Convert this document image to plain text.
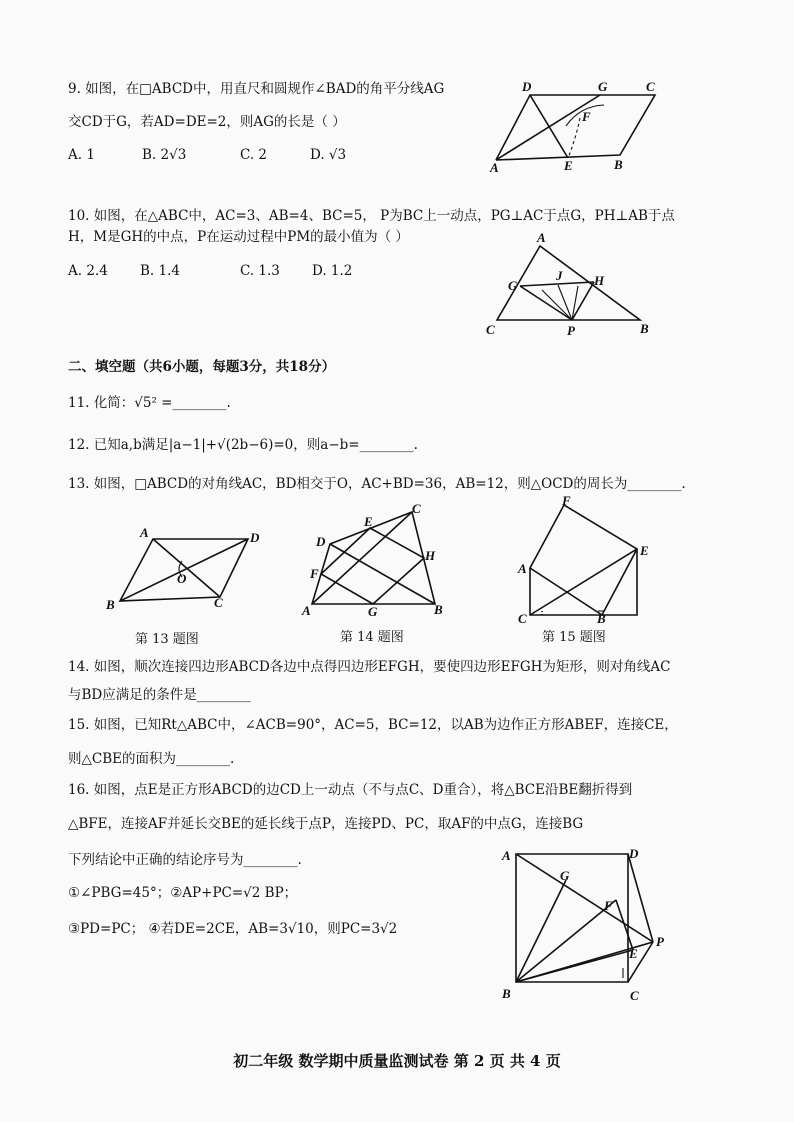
9. 如图，在□ABCD中，用直尺和圆规作∠BAD的角平分线AG
交CD于G，若AD=DE=2，则AG的长是（ ）
A. 1	B. 2√3	C. 2	D. √3
D	G	C
F
A	E	B
10. 如图，在△ABC中，AC=3、AB=4、BC=5， P为BC上一动点，PG⊥AC于点G，PH⊥AB于点
H，M是GH的中点，P在运动过程中PM的最小值为（ ）
A. 2.4 B. 1.4	C. 1.3 D. 1.2
A
G
J H
C	P	B
二、填空题（共6小题，每题3分，共18分）
11. 化简：√5² =________.
12. 已知a,b满足|a−1|+√(2b−6)=0，则a−b=________.
13. 如图，□ABCD的对角线AC，BD相交于O，AC+BD=36，AB=12，则△OCD的周长为________.
A	D
O
B	C
第 13 题图
E
C
D
H
F
A	G	B
第 14 题图
F
E
A
C	B
第 15 题图
14. 如图，顺次连接四边形ABCD各边中点得四边形EFGH，要使四边形EFGH为矩形，则对角线AC
与BD应满足的条件是________
15. 如图，已知Rt△ABC中，∠ACB=90°，AC=5，BC=12，以AB为边作正方形ABEF，连接CE，
则△CBE的面积为________.
16. 如图，点E是正方形ABCD的边CD上一动点（不与点C、D重合），将△BCE沿BE翻折得到
△BFE，连接AF并延长交BE的延长线于点P，连接PD、PC，取AF的中点G，连接BG
下列结论中正确的结论序号为________.
①∠PBG=45°；②AP+PC=√2 BP；
③PD=PC； ④若DE=2CE，AB=3√10，则PC=3√2
A	D
G
F
P
E
B	C
初二年级 数学期中质量监测试卷 第 2 页 共 4 页
